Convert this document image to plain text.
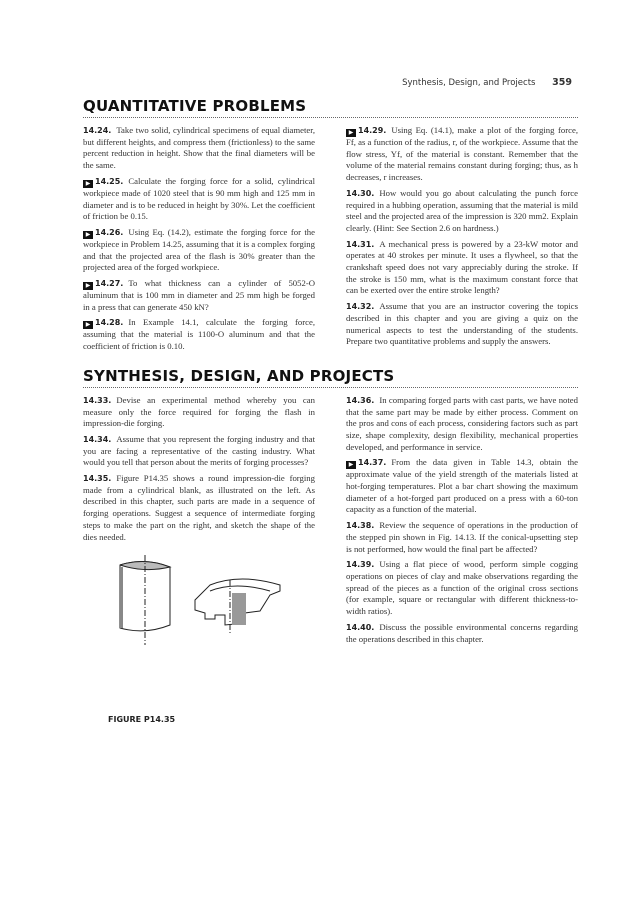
Synthesis, Design, and Projects 359
QUANTITATIVE PROBLEMS

14.24. Take two solid, cylindrical specimens of equal diameter, but different heights, and compress them (frictionless) to the same percent reduction in height. Show that the final diameters will be the same.

▶ 14.25. Calculate the forging force for a solid, cylindrical workpiece made of 1020 steel that is 90 mm high and 125 mm in diameter and is to be reduced in height by 30%. Let the coefficient of friction be 0.15.

▶ 14.26. Using Eq. (14.2), estimate the forging force for the workpiece in Problem 14.25, assuming that it is a complex forging and that the projected area of the flash is 30% greater than the projected area of the forged workpiece.

▶ 14.27. To what thickness can a cylinder of 5052-O aluminum that is 100 mm in diameter and 25 mm high be forged in a press that can generate 450 kN?

▶ 14.28. In Example 14.1, calculate the forging force, assuming that the material is 1100-O aluminum and that the coefficient of friction is 0.10.

▶ 14.29. Using Eq. (14.1), make a plot of the forging force, Ff, as a function of the radius, r, of the workpiece. Assume that the flow stress, Yf, of the material is constant. Remember that the volume of the material remains constant during forging; thus, as h decreases, r increases.

14.30. How would you go about calculating the punch force required in a hubbing operation, assuming that the material is mild steel and the projected area of the impression is 320 mm2. Explain clearly. (Hint: See Section 2.6 on hardness.)

14.31. A mechanical press is powered by a 23-kW motor and operates at 40 strokes per minute. It uses a flywheel, so that the crankshaft speed does not vary appreciably during the stroke. If the stroke is 150 mm, what is the maximum constant force that can be exerted over the entire stroke length?

14.32. Assume that you are an instructor covering the topics described in this chapter and you are giving a quiz on the numerical aspects to test the understanding of the students. Prepare two quantitative problems and supply the answers.

SYNTHESIS, DESIGN, AND PROJECTS

14.33. Devise an experimental method whereby you can measure only the force required for forging the flash in impression-die forging.

14.34. Assume that you represent the forging industry and that you are facing a representative of the casting industry. What would you tell that person about the merits of forging processes?

14.35. Figure P14.35 shows a round impression-die forging made from a cylindrical blank, as illustrated on the left. As described in this chapter, such parts are made in a sequence of forging operations. Suggest a sequence of intermediate forging steps to make the part on the right, and sketch the shape of the dies needed.

FIGURE P14.35

14.36. In comparing forged parts with cast parts, we have noted that the same part may be made by either process. Comment on the pros and cons of each process, considering factors such as part size, shape complexity, design flexibility, mechanical properties developed, and performance in service.

▶ 14.37. From the data given in Table 14.3, obtain the approximate value of the yield strength of the materials listed at hot-forging temperatures. Plot a bar chart showing the maximum diameter of a hot-forged part produced on a press with a 60-ton capacity as a function of the material.

14.38. Review the sequence of operations in the production of the stepped pin shown in Fig. 14.13. If the conical-upsetting step is not performed, how would the final part be affected?

14.39. Using a flat piece of wood, perform simple cogging operations on pieces of clay and make observations regarding the spread of the pieces as a function of the original cross sections (for example, square or rectangular with different thickness-to-width ratios).

14.40. Discuss the possible environmental concerns regarding the operations described in this chapter.
